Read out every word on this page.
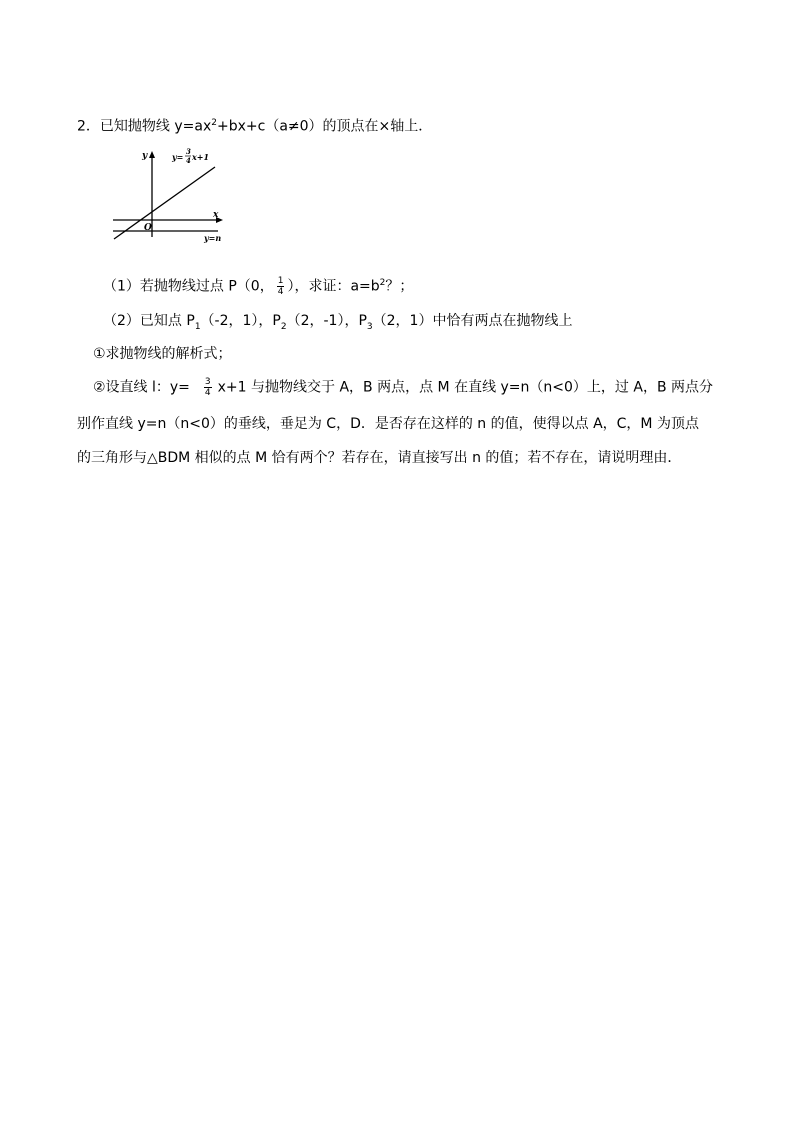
2．已知抛物线 $y=ax^2+bx+c(a\ne 0)$的顶点在×轴上．
y
x
O
y=
3
4 x+1
y=n
（1）若抛物线过点 P（0， $\frac{1}{4}$ ），求证：$a=b^2$？；
（2）已知点 $P_1(-2$，1），$P_2(2$，-1），$P_3(2$，1）中恰有两点在抛物线上
①求抛物线的解析式；
②设直线 l：$y= \frac{3}{4} x+1$ 与抛物线交于 A，B 两点，点 M 在直线 y=n（n<0）上，过 A，B 两点分
别作直线 y=n（n<0）的垂线，垂足为 C，D．是否存在这样的 n 的值，使得以点 A，C，M 为顶点
的三角形与△BDM 相似的点 M 恰有两个？若存在，请直接写出 n 的值；若不存在，请说明理由．
